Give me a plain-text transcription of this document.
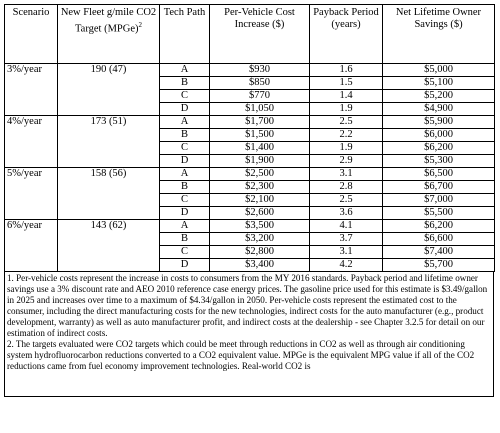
Scenario	New Fleet g/mile CO2 Target (MPGe)$^2$	Tech Path	Per-Vehicle Cost Increase ($)	Payback Period (years)	Net Lifetime Owner Savings ($)
3%/year	190 (47)	A	$930	1.6	$5,000
		B	$850	1.5	$5,100
		C	$770	1.4	$5,200
		D	$1,050	1.9	$4,900
4%/year	173 (51)	A	$1,700	2.5	$5,900
		B	$1,500	2.2	$6,000
		C	$1,400	1.9	$6,200
		D	$1,900	2.9	$5,300
5%/year	158 (56)	A	$2,500	3.1	$6,500
		B	$2,300	2.8	$6,700
		C	$2,100	2.5	$7,000
		D	$2,600	3.6	$5,500
6%/year	143 (62)	A	$3,500	4.1	$6,200
		B	$3,200	3.7	$6,600
		C	$2,800	3.1	$7,400
		D	$3,400	4.2	$5,700

1. Per-vehicle costs represent the increase in costs to consumers from the MY 2016 standards. Payback period and lifetime owner savings use a 3% discount rate and AEO 2010 reference case energy prices. The gasoline price used for this estimate is $3.49/gallon in 2025 and increases over time to a maximum of $4.34/gallon in 2050. Per-vehicle costs represent the estimated cost to the consumer, including the direct manufacturing costs for the new technologies, indirect costs for the auto manufacturer (e.g., product development, warranty) as well as auto manufacturer profit, and indirect costs at the dealership - see Chapter 3.2.5 for detail on our estimation of indirect costs.

2. The targets evaluated were CO2 targets which could be meet through reductions in CO2 as well as through air conditioning system hydrofluorocarbon reductions converted to a CO2 equivalent value. MPGe is the equivalent MPG value if all of the CO2 reductions came from fuel economy improvement technologies. Real-world CO2 is
